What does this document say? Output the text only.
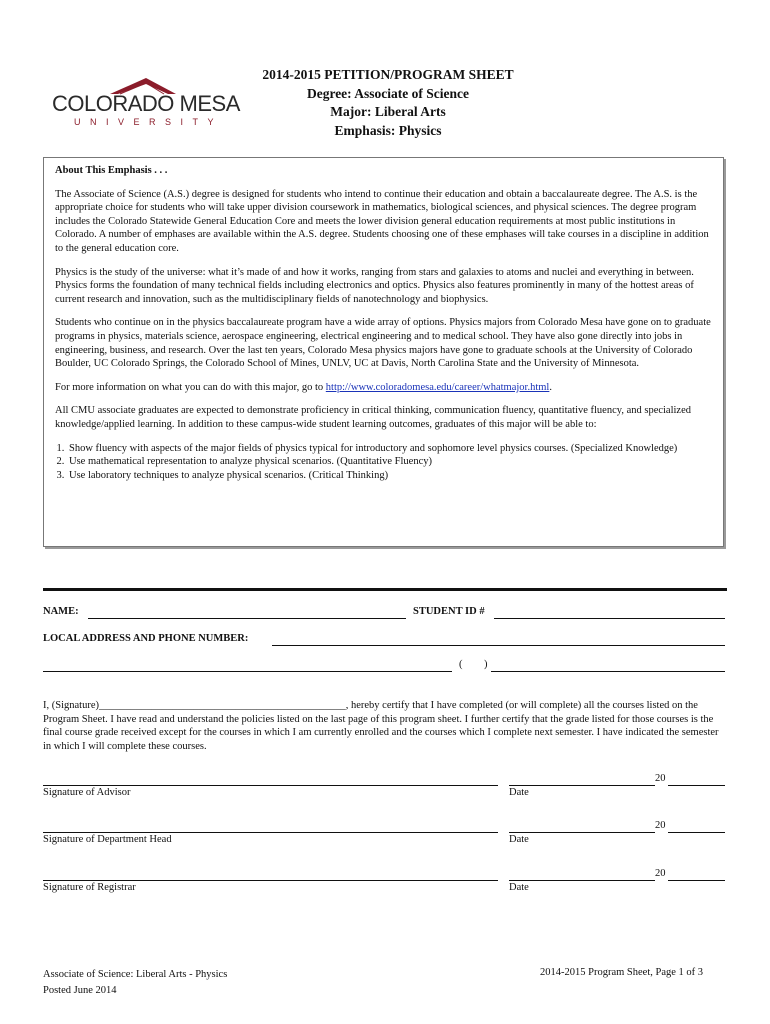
COLORADO MESA
UNIVERSITY
2014-2015 PETITION/PROGRAM SHEET
Degree: Associate of Science
Major: Liberal Arts
Emphasis: Physics

About This Emphasis . . .

The Associate of Science (A.S.) degree is designed for students who intend to continue their education and obtain a baccalaureate degree. The A.S. is the appropriate choice for students who will take upper division coursework in mathematics, biological sciences, and physical sciences. The degree program includes the Colorado Statewide General Education Core and meets the lower division general education requirements at most public institutions in Colorado. A number of emphases are available within the A.S. degree. Students choosing one of these emphases will take courses in a discipline in addition to the general education core.

Physics is the study of the universe: what it’s made of and how it works, ranging from stars and galaxies to atoms and nuclei and everything in between. Physics forms the foundation of many technical fields including electronics and optics. Physics also features prominently in many of the hottest areas of current research and innovation, such as the multidisciplinary fields of nanotechnology and biophysics.

Students who continue on in the physics baccalaureate program have a wide array of options. Physics majors from Colorado Mesa have gone on to graduate programs in physics, materials science, aerospace engineering, electrical engineering and to medical school. They have also gone directly into jobs in engineering, business, and research. Over the last ten years, Colorado Mesa physics majors have gone to graduate schools at the University of Colorado Boulder, UC Colorado Springs, the Colorado School of Mines, UNLV, UC at Davis, North Carolina State and the University of Minnesota.

For more information on what you can do with this major, go to http://www.coloradomesa.edu/career/whatmajor.html.

All CMU associate graduates are expected to demonstrate proficiency in critical thinking, communication fluency, quantitative fluency, and specialized knowledge/applied learning. In addition to these campus-wide student learning outcomes, graduates of this major will be able to:

1. Show fluency with aspects of the major fields of physics typical for introductory and sophomore level physics courses. (Specialized Knowledge)
2. Use mathematical representation to analyze physical scenarios. (Quantitative Fluency)
3. Use laboratory techniques to analyze physical scenarios. (Critical Thinking)
NAME:	STUDENT ID #
LOCAL ADDRESS AND PHONE NUMBER:
( )
I, (Signature)_______________________________________________, hereby certify that I have completed (or will complete) all the courses listed on the Program Sheet. I have read and understand the policies listed on the last page of this program sheet. I further certify that the grade listed for those courses is the final course grade received except for the courses in which I am currently enrolled and the courses which I complete next semester. I have indicated the semester in which I will complete these courses.
Signature of Advisor
20
Date
Signature of Department Head
20
Date
Signature of Registrar
20
Date
Associate of Science: Liberal Arts - Physics
Posted June 2014
2014-2015 Program Sheet, Page 1 of 3
